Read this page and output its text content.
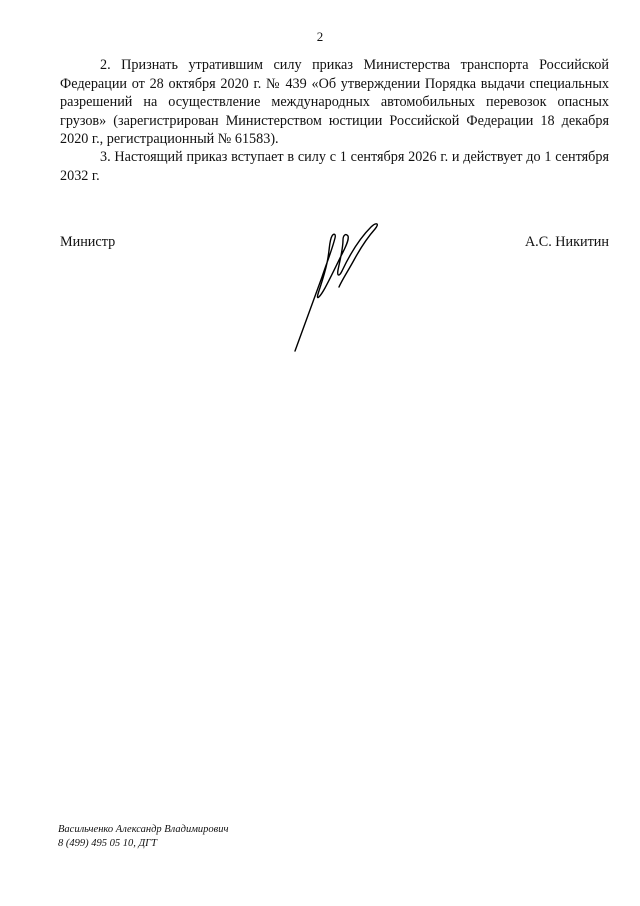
2

2. Признать утратившим силу приказ Министерства транспорта Российской Федерации от 28 октября 2020 г. № 439 «Об утверждении Порядка выдачи специальных разрешений на осуществление международных автомобильных перевозок опасных грузов» (зарегистрирован Министерством юстиции Российской Федерации 18 декабря 2020 г., регистрационный № 61583).

3. Настоящий приказ вступает в силу с 1 сентября 2026 г. и действует до 1 сентября 2032 г.

Министр	А.С. Никитин
Васильченко Александр Владимирович
8 (499) 495 05 10, ДГТ
